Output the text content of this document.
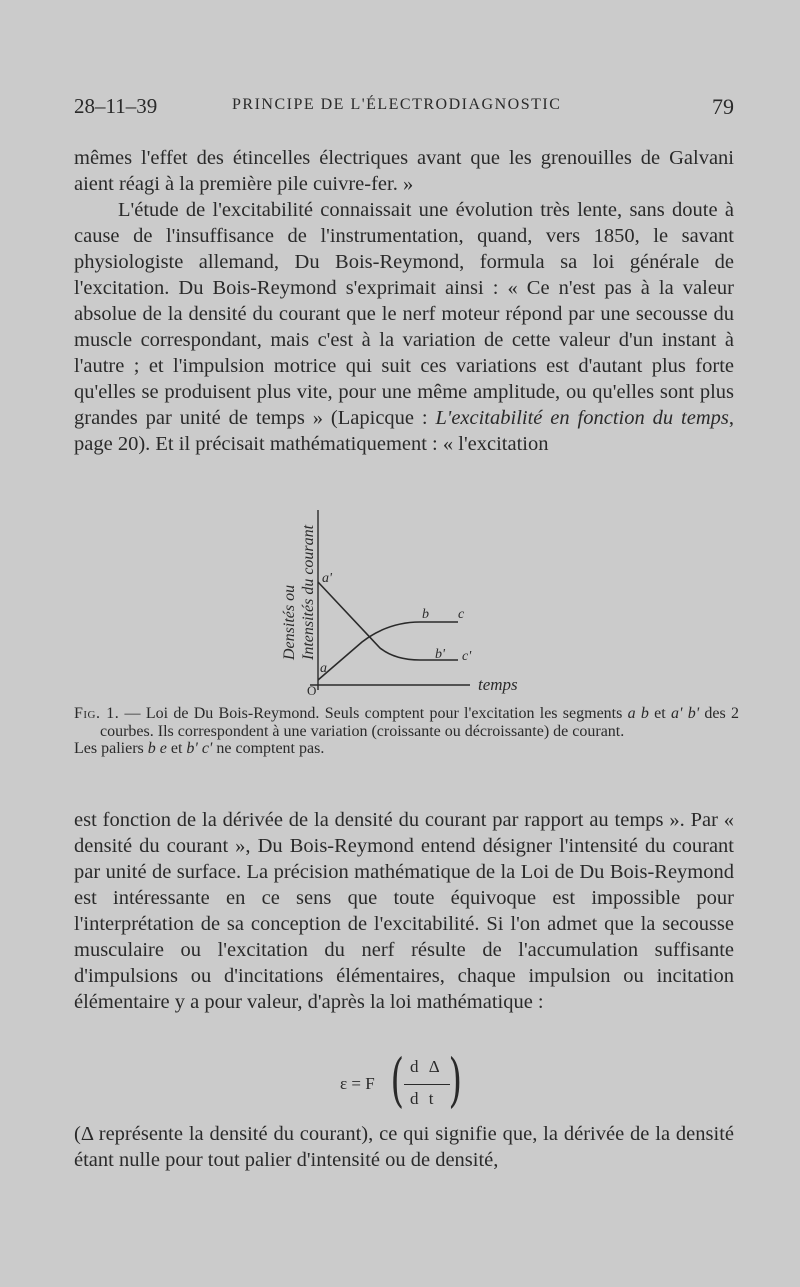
28–11–39	PRINCIPE DE L'ÉLECTRODIAGNOSTIC	79

mêmes l'effet des étincelles électriques avant que les grenouilles de Galvani aient réagi à la première pile cuivre-fer. »

L'étude de l'excitabilité connaissait une évolution très lente, sans doute à cause de l'insuffisance de l'instrumentation, quand, vers 1850, le savant physiologiste allemand, Du Bois-Reymond, formula sa loi générale de l'excitation. Du Bois-Reymond s'exprimait ainsi : « Ce n'est pas à la valeur absolue de la densité du courant que le nerf moteur répond par une secousse du muscle correspondant, mais c'est à la variation de cette valeur d'un instant à l'autre ; et l'impulsion motrice qui suit ces variations est d'autant plus forte qu'elles se produisent plus vite, pour une même amplitude, ou qu'elles sont plus grandes par unité de temps » (Lapicque : L'excitabilité en fonction du temps, page 20). Et il précisait mathématiquement : « l'excitation

Densités ou Intensités du courant
temps
O
a
a'
b c
b' c'
Fig. 1. — Loi de Du Bois-Reymond. Seuls comptent pour l'excitation les segments a b et a' b' des 2 courbes. Ils correspondent à une variation (croissante ou décroissante) de courant.
Les paliers b e et b' c' ne comptent pas.

est fonction de la dérivée de la densité du courant par rapport au temps ». Par « densité du courant », Du Bois-Reymond entend désigner l'intensité du courant par unité de surface. La précision mathématique de la Loi de Du Bois-Reymond est intéressante en ce sens que toute équivoque est impossible pour l'interprétation de sa conception de l'excitabilité. Si l'on admet que la secousse musculaire ou l'excitation du nerf résulte de l'accumulation suffisante d'impulsions ou d'incitations élémentaires, chaque impulsion ou incitation élémentaire y a pour valeur, d'après la loi mathématique :

ε = F ( d Δ
d t )

(Δ représente la densité du courant), ce qui signifie que, la dérivée de la densité étant nulle pour tout palier d'intensité ou de densité,
